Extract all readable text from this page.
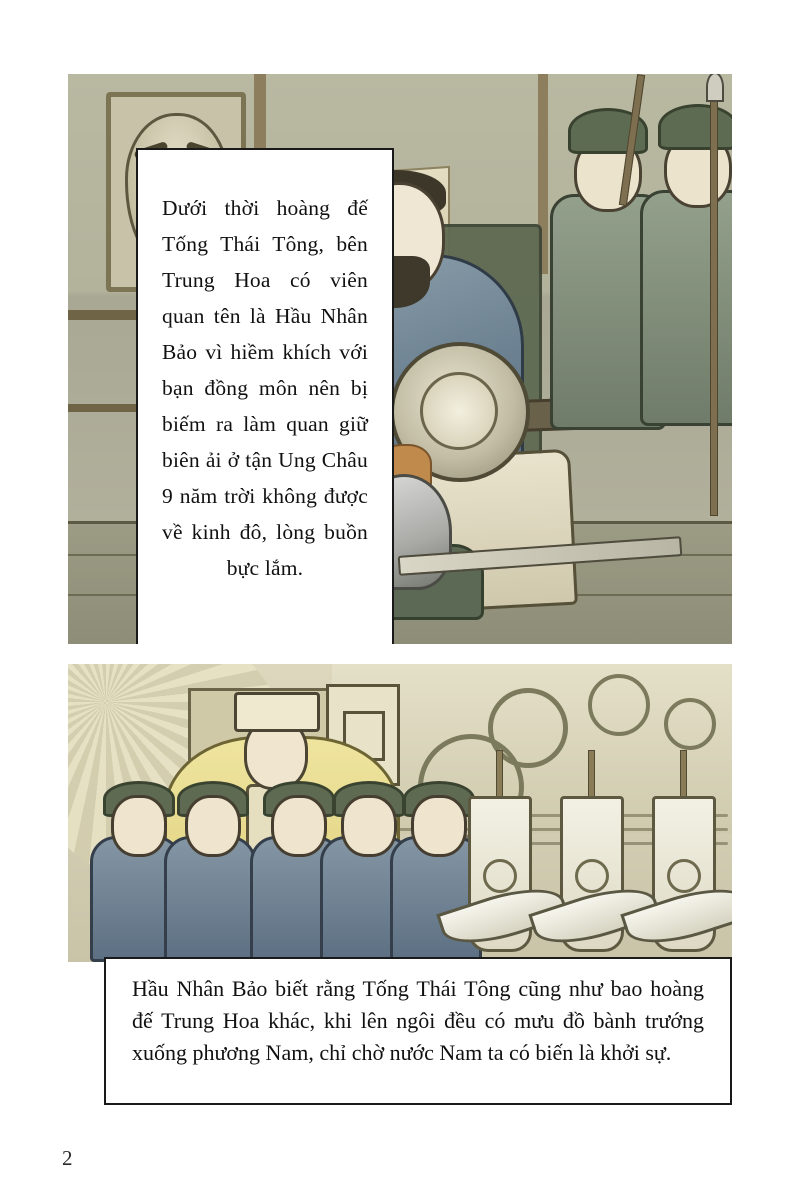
Dưới thời hoàng đế Tống Thái Tông, bên Trung Hoa có viên quan tên là Hầu Nhân Bảo vì hiềm khích với bạn đồng môn nên bị biếm ra làm quan giữ biên ải ở tận Ung Châu 9 năm trời không được về kinh đô, lòng buồn bực lắm.

Hầu Nhân Bảo biết rằng Tống Thái Tông cũng như bao hoàng đế Trung Hoa khác, khi lên ngôi đều có mưu đồ bành trướng xuống phương Nam, chỉ chờ nước Nam ta có biến là khởi sự.

2
